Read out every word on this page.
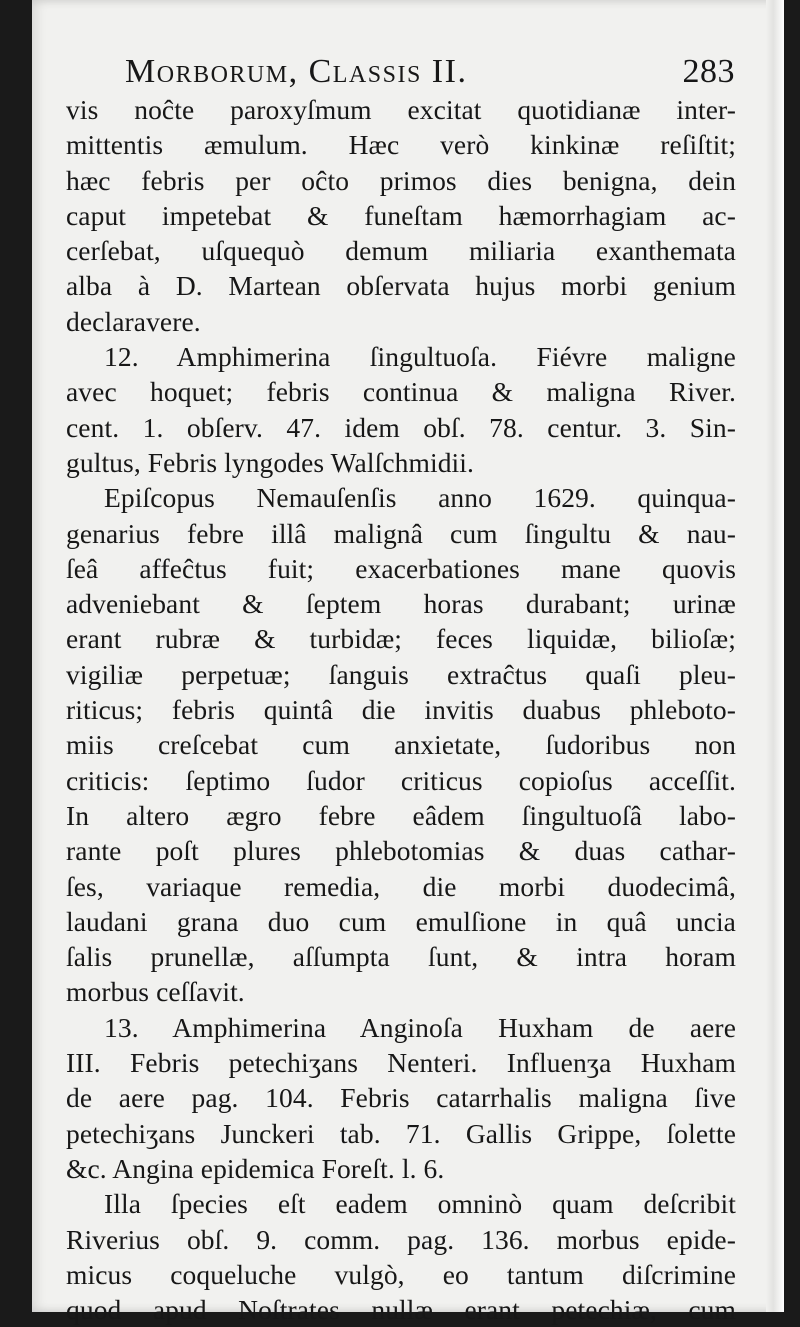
Morborum, Classis II.	283
vis noĉte paroxyſmum excitat quotidianæ inter-
mittentis æmulum. Hæc verò kinkinæ reſiſtit;
hæc febris per oĉto primos dies benigna, dein
caput impetebat & funeſtam hæmorrhagiam ac-
cerſebat, uſquequò demum miliaria exanthemata
alba à D. Martean obſervata hujus morbi genium
declaravere.
12. Amphimerina ſingultuoſa. Fiévre maligne
avec hoquet; febris continua & maligna River.
cent. 1. obſerv. 47. idem obſ. 78. centur. 3. Sin-
gultus, Febris lyngodes Walſchmidii.
Epiſcopus Nemauſenſis anno 1629. quinqua-
genarius febre illâ malignâ cum ſingultu & nau-
ſeâ affeĉtus fuit; exacerbationes mane quovis
adveniebant & ſeptem horas durabant; urinæ
erant rubræ & turbidæ; feces liquidæ, bilioſæ;
vigiliæ perpetuæ; ſanguis extraĉtus quaſi pleu-
riticus; febris quintâ die invitis duabus phleboto-
miis creſcebat cum anxietate, ſudoribus non
criticis: ſeptimo ſudor criticus copioſus acceſſit.
In altero ægro febre eâdem ſingultuoſâ labo-
rante poſt plures phlebotomias & duas cathar-
ſes, variaque remedia, die morbi duodecimâ,
laudani grana duo cum emulſione in quâ uncia
ſalis prunellæ, aſſumpta ſunt, & intra horam
morbus ceſſavit.
13. Amphimerina Anginoſa Huxham de aere
III. Febris petechiӡans Nenteri. Influenӡa Huxham
de aere pag. 104. Febris catarrhalis maligna ſive
petechiӡans Junckeri tab. 71. Gallis Grippe, ſolette
&c. Angina epidemica Foreſt. l. 6.
Illa ſpecies eſt eadem omninò quam deſcribit
Riverius obſ. 9. comm. pag. 136. morbus epide-
micus coqueluche vulgò, eo tantum diſcrimine
quod apud Noſtrates nullæ erant petechiæ, cum
